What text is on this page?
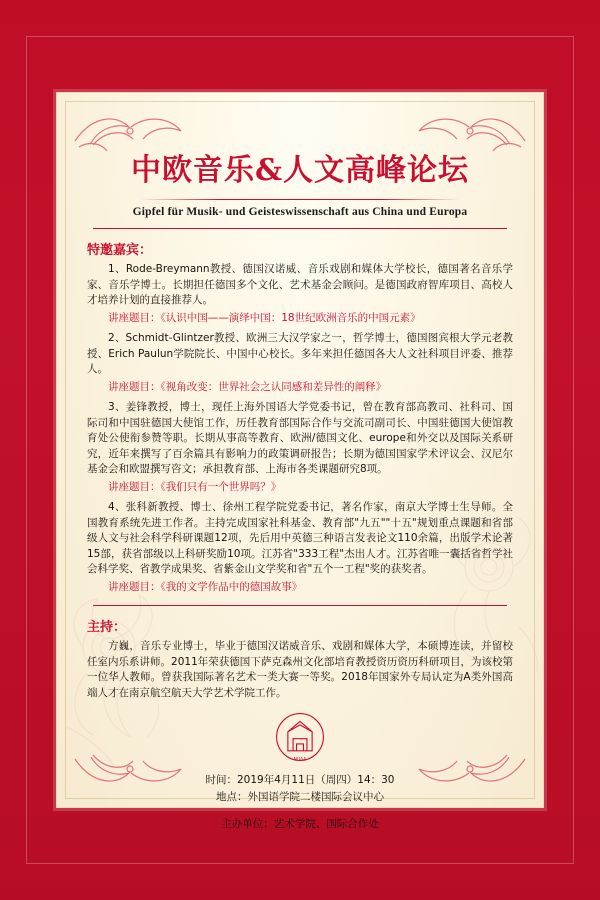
中欧音乐&人文高峰论坛
Gipfel für Musik- und Geisteswissenschaft aus China und Europa
特邀嘉宾：

1、Rode-Breymann教授、德国汉诺威、音乐戏剧和媒体大学校长，德国著名音乐学家、音乐学博士。长期担任德国多个文化、艺术基金会顾问。是德国政府智库项目、高校人才培养计划的直接推荐人。

讲座题目：《认识中国——演绎中国：18世纪欧洲音乐的中国元素》

2、Schmidt-Glintzer教授、欧洲三大汉学家之一，哲学博士，德国图宾根大学元老教授、Erich Paulun学院院长、中国中心校长。多年来担任德国各大人文社科项目评委、推荐人。

讲座题目：《视角改变：世界社会之认同感和差异性的阐释》

3、姜锋教授，博士，现任上海外国语大学党委书记，曾在教育部高教司、社科司、国际司和中国驻德国大使馆工作，历任教育部国际合作与交流司副司长、中国驻德国大使馆教育处公使衔参赞等职。长期从事高等教育、欧洲/德国文化、europe和外交以及国际关系研究，近年来撰写了百余篇具有影响力的政策调研报告；长期为德国国家学术评议会、汉尼尔基金会和欧盟撰写咨文；承担教育部、上海市各类课题研究8项。

讲座题目：《我们只有一个世界吗？》

4、张科新教授、博士、徐州工程学院党委书记，著名作家，南京大学博士生导师。全国教育系统先进工作者。主持完成国家社科基金、教育部"九五""十五"规划重点课题和省部级人文与社会科学科研课题12项，先后用中英德三种语言发表论文110余篇，出版学术论著15部，获省部级以上科研奖励10项。江苏省"333工程"杰出人才。江苏省唯一囊括省哲学社会科学奖、省教学成果奖、省紫金山文学奖和省"五个一工程"奖的获奖者。

讲座题目：《我的文学作品中的德国故事》

主持：

方巍，音乐专业博士，毕业于德国汉诺威音乐、戏剧和媒体大学，本硕博连读，并留校任室内乐系讲师。2011年荣获德国下萨克森州文化部培育教授资历资历科研项目，为该校第一位华人教师。曾获我国际著名艺术一类大赛一等奖。2018年国家外专局认定为A类外国高端人才在南京航空航天大学艺术学院工作。

NUAA
时间：2019年4月11日（周四）14：30
地点：外国语学院二楼国际会议中心
主办单位：艺术学院、国际合作处
